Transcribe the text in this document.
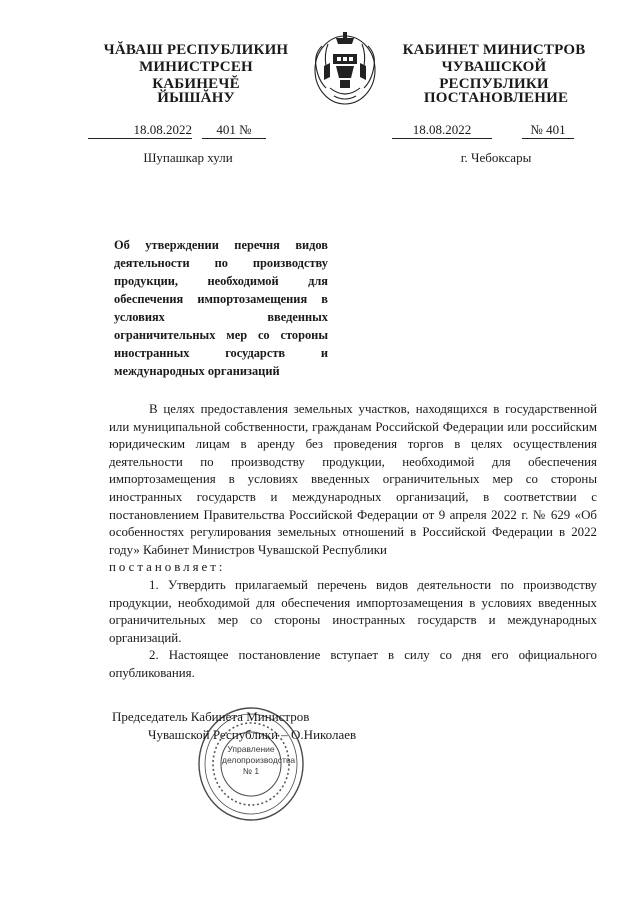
ЧĂВАШ РЕСПУБЛИКИН
МИНИСТРСЕН КАБИНЕЧĔ
ЙЫШĂНУ
КАБИНЕТ МИНИСТРОВ
ЧУВАШСКОЙ РЕСПУБЛИКИ
ПОСТАНОВЛЕНИЕ
18.08.2022	401 №	18.08.2022	№ 401
Шупашкар хули	г. Чебоксары
Об утверждении перечня видов деятельности по производству продукции, необходимой для обеспечения импортозамещения в условиях введенных ограничительных мер со стороны иностранных государств и международных организаций

В целях предоставления земельных участков, находящихся в государственной или муниципальной собственности, гражданам Российской Федерации или российским юридическим лицам в аренду без проведения торгов в целях осуществления деятельности по производству продукции, необходимой для обеспечения импортозамещения в условиях введенных ограничительных мер со стороны иностранных государств и международных организаций, в соответствии с постановлением Правительства Российской Федерации от 9 апреля 2022 г. № 629 «Об особенностях регулирования земельных отношений в Российской Федерации в 2022 году» Кабинет Министров Чувашской Республики

постановляет:

1. Утвердить прилагаемый перечень видов деятельности по производству продукции, необходимой для обеспечения импортозамещения в условиях введенных ограничительных мер со стороны иностранных государств и международных организаций.

2. Настоящее постановление вступает в силу со дня его официального опубликования.

Управление
делопроизводства
№ 1
Председатель Кабинета Министров
Чувашской Республики – О.Николаев
